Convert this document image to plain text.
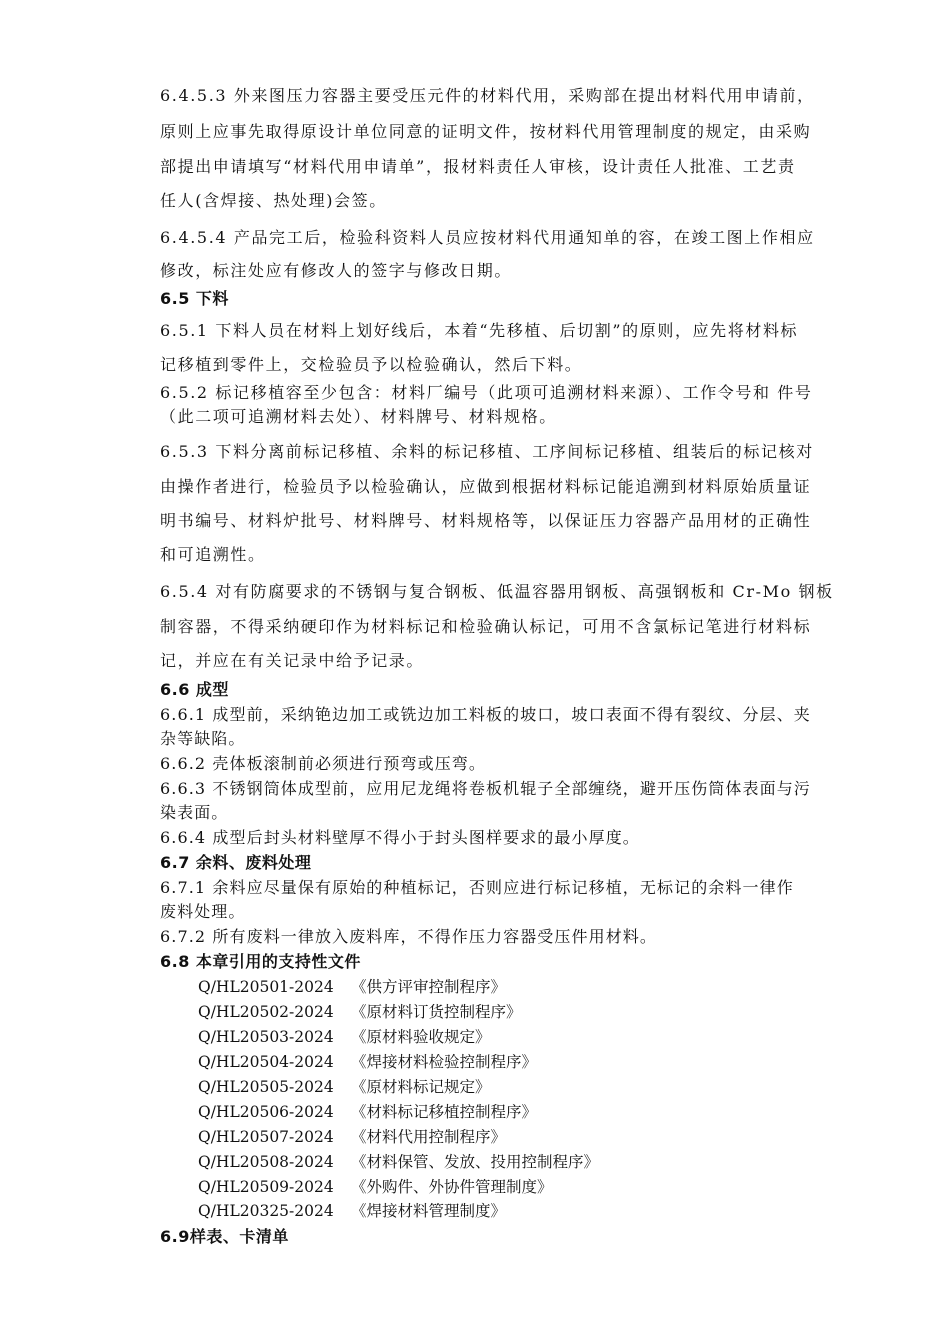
6.4.5.3 外来图压力容器主要受压元件的材料代用，采购部在提出材料代用申请前，
原则上应事先取得原设计单位同意的证明文件，按材料代用管理制度的规定，由采购
部提出申请填写“材料代用申请单”，报材料责任人审核，设计责任人批准、工艺责
任人(含焊接、热处理)会签。
6.4.5.4 产品完工后，检验科资料人员应按材料代用通知单的容，在竣工图上作相应
修改，标注处应有修改人的签字与修改日期。
6.5 下料
6.5.1 下料人员在材料上划好线后，本着“先移植、后切割”的原则，应先将材料标
记移植到零件上，交检验员予以检验确认，然后下料。
6.5.2 标记移植容至少包含：材料厂编号（此项可追溯材料来源）、工作令号和 件号
（此二项可追溯材料去处）、材料牌号、材料规格。
6.5.3 下料分离前标记移植、余料的标记移植、工序间标记移植、组装后的标记核对
由操作者进行，检验员予以检验确认，应做到根据材料标记能追溯到材料原始质量证
明书编号、材料炉批号、材料牌号、材料规格等，以保证压力容器产品用材的正确性
和可追溯性。
6.5.4 对有防腐要求的不锈钢与复合钢板、低温容器用钢板、高强钢板和 Cr-Mo 钢板
制容器，不得采纳硬印作为材料标记和检验确认标记，可用不含氯标记笔进行材料标
记，并应在有关记录中给予记录。
6.6 成型
6.6.1 成型前，采纳铯边加工或铣边加工料板的坡口，坡口表面不得有裂纹、分层、夹
杂等缺陷。
6.6.2 壳体板滚制前必须进行预弯或压弯。
6.6.3 不锈钢筒体成型前，应用尼龙绳将卷板机辊子全部缠绕，避开压伤筒体表面与污
染表面。
6.6.4 成型后封头材料壁厚不得小于封头图样要求的最小厚度。
6.7 余料、废料处理
6.7.1 余料应尽量保有原始的种植标记，否则应进行标记移植，无标记的余料一律作
废料处理。
6.7.2 所有废料一律放入废料库，不得作压力容器受压件用材料。
6.8 本章引用的支持性文件
Q/HL20501-2024 《供方评审控制程序》
Q/HL20502-2024 《原材料订货控制程序》
Q/HL20503-2024 《原材料验收规定》
Q/HL20504-2024 《焊接材料检验控制程序》
Q/HL20505-2024 《原材料标记规定》
Q/HL20506-2024 《材料标记移植控制程序》
Q/HL20507-2024 《材料代用控制程序》
Q/HL20508-2024 《材料保管、发放、投用控制程序》
Q/HL20509-2024 《外购件、外协件管理制度》
Q/HL20325-2024 《焊接材料管理制度》
6.9样表、卡清单
